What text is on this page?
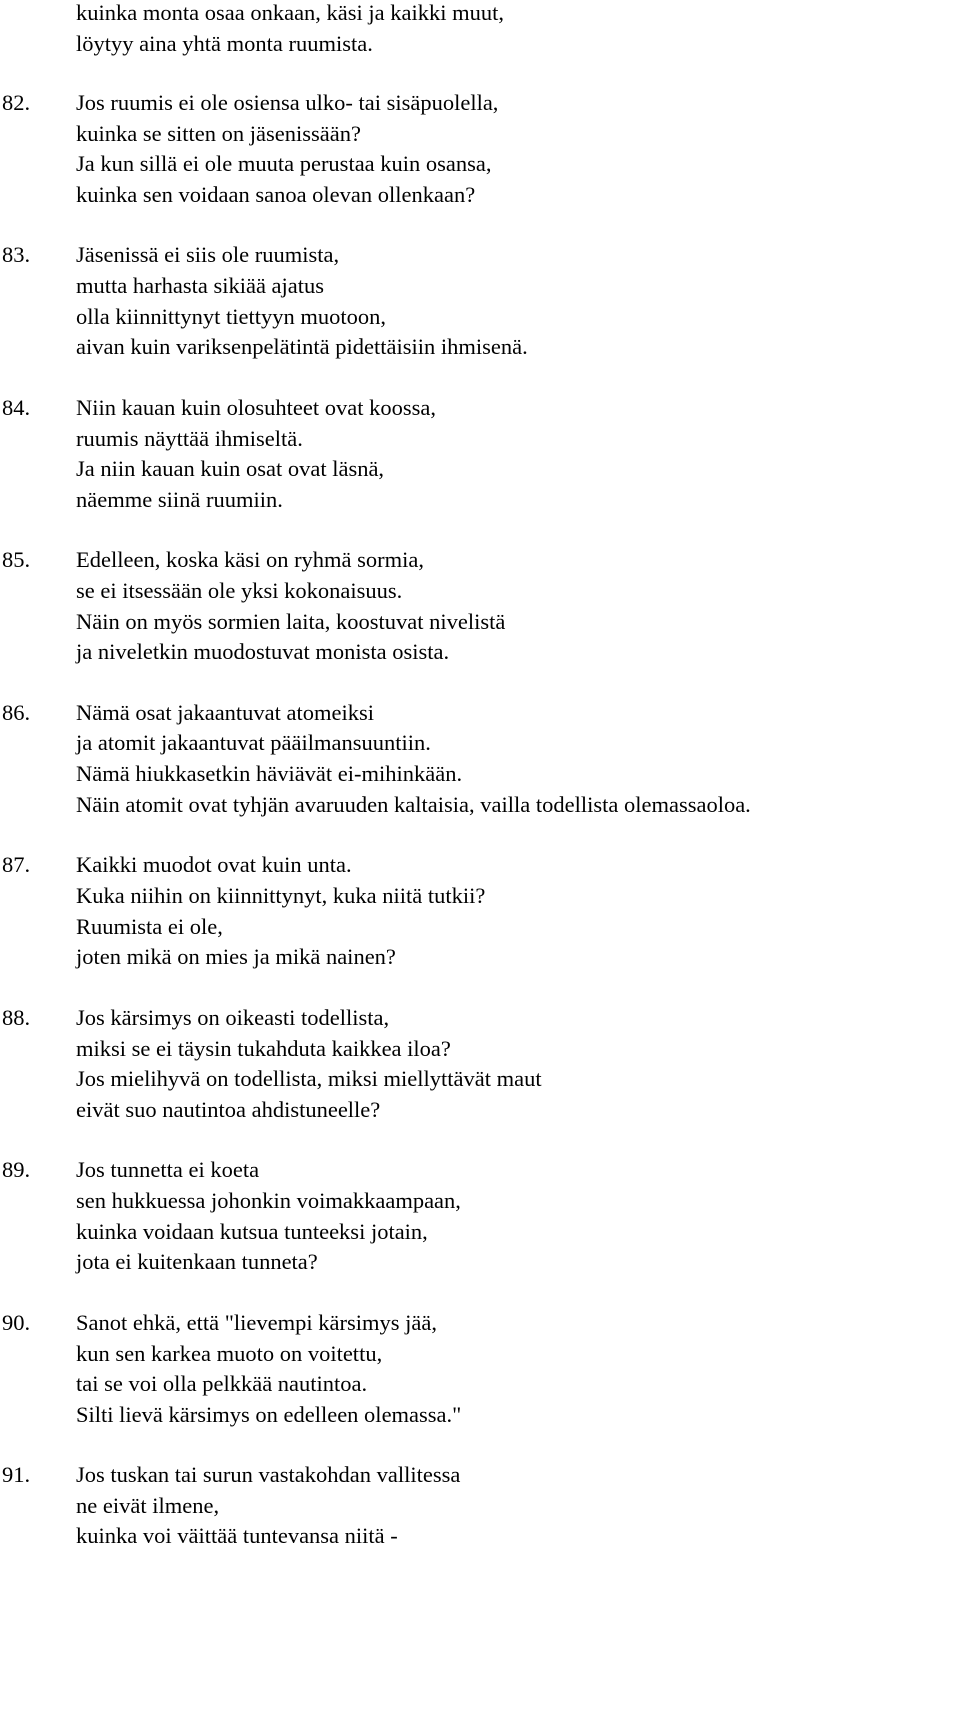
kuinka monta osaa onkaan, käsi ja kaikki muut,
löytyy aina yhtä monta ruumista.
82. Jos ruumis ei ole osiensa ulko- tai sisäpuolella,
kuinka se sitten on jäsenissään?
Ja kun sillä ei ole muuta perustaa kuin osansa,
kuinka sen voidaan sanoa olevan ollenkaan?
83. Jäsenissä ei siis ole ruumista,
mutta harhasta sikiää ajatus
olla kiinnittynyt tiettyyn muotoon,
aivan kuin variksenpelätintä pidettäisiin ihmisenä.
84. Niin kauan kuin olosuhteet ovat koossa,
ruumis näyttää ihmiseltä.
Ja niin kauan kuin osat ovat läsnä,
näemme siinä ruumiin.
85. Edelleen, koska käsi on ryhmä sormia,
se ei itsessään ole yksi kokonaisuus.
Näin on myös sormien laita, koostuvat nivelistä
ja niveletkin muodostuvat monista osista.
86. Nämä osat jakaantuvat atomeiksi
ja atomit jakaantuvat pääilmansuuntiin.
Nämä hiukkasetkin häviävät ei-mihinkään.
Näin atomit ovat tyhjän avaruuden kaltaisia, vailla todellista olemassaoloa.
87. Kaikki muodot ovat kuin unta.
Kuka niihin on kiinnittynyt, kuka niitä tutkii?
Ruumista ei ole,
joten mikä on mies ja mikä nainen?
88. Jos kärsimys on oikeasti todellista,
miksi se ei täysin tukahduta kaikkea iloa?
Jos mielihyvä on todellista, miksi miellyttävät maut
eivät suo nautintoa ahdistuneelle?
89. Jos tunnetta ei koeta
sen hukkuessa johonkin voimakkaampaan,
kuinka voidaan kutsua tunteeksi jotain,
jota ei kuitenkaan tunneta?
90. Sanot ehkä, että "lievempi kärsimys jää,
kun sen karkea muoto on voitettu,
tai se voi olla pelkkää nautintoa.
Silti lievä kärsimys on edelleen olemassa."
91. Jos tuskan tai surun vastakohdan vallitessa
ne eivät ilmene,
kuinka voi väittää tuntevansa niitä -
